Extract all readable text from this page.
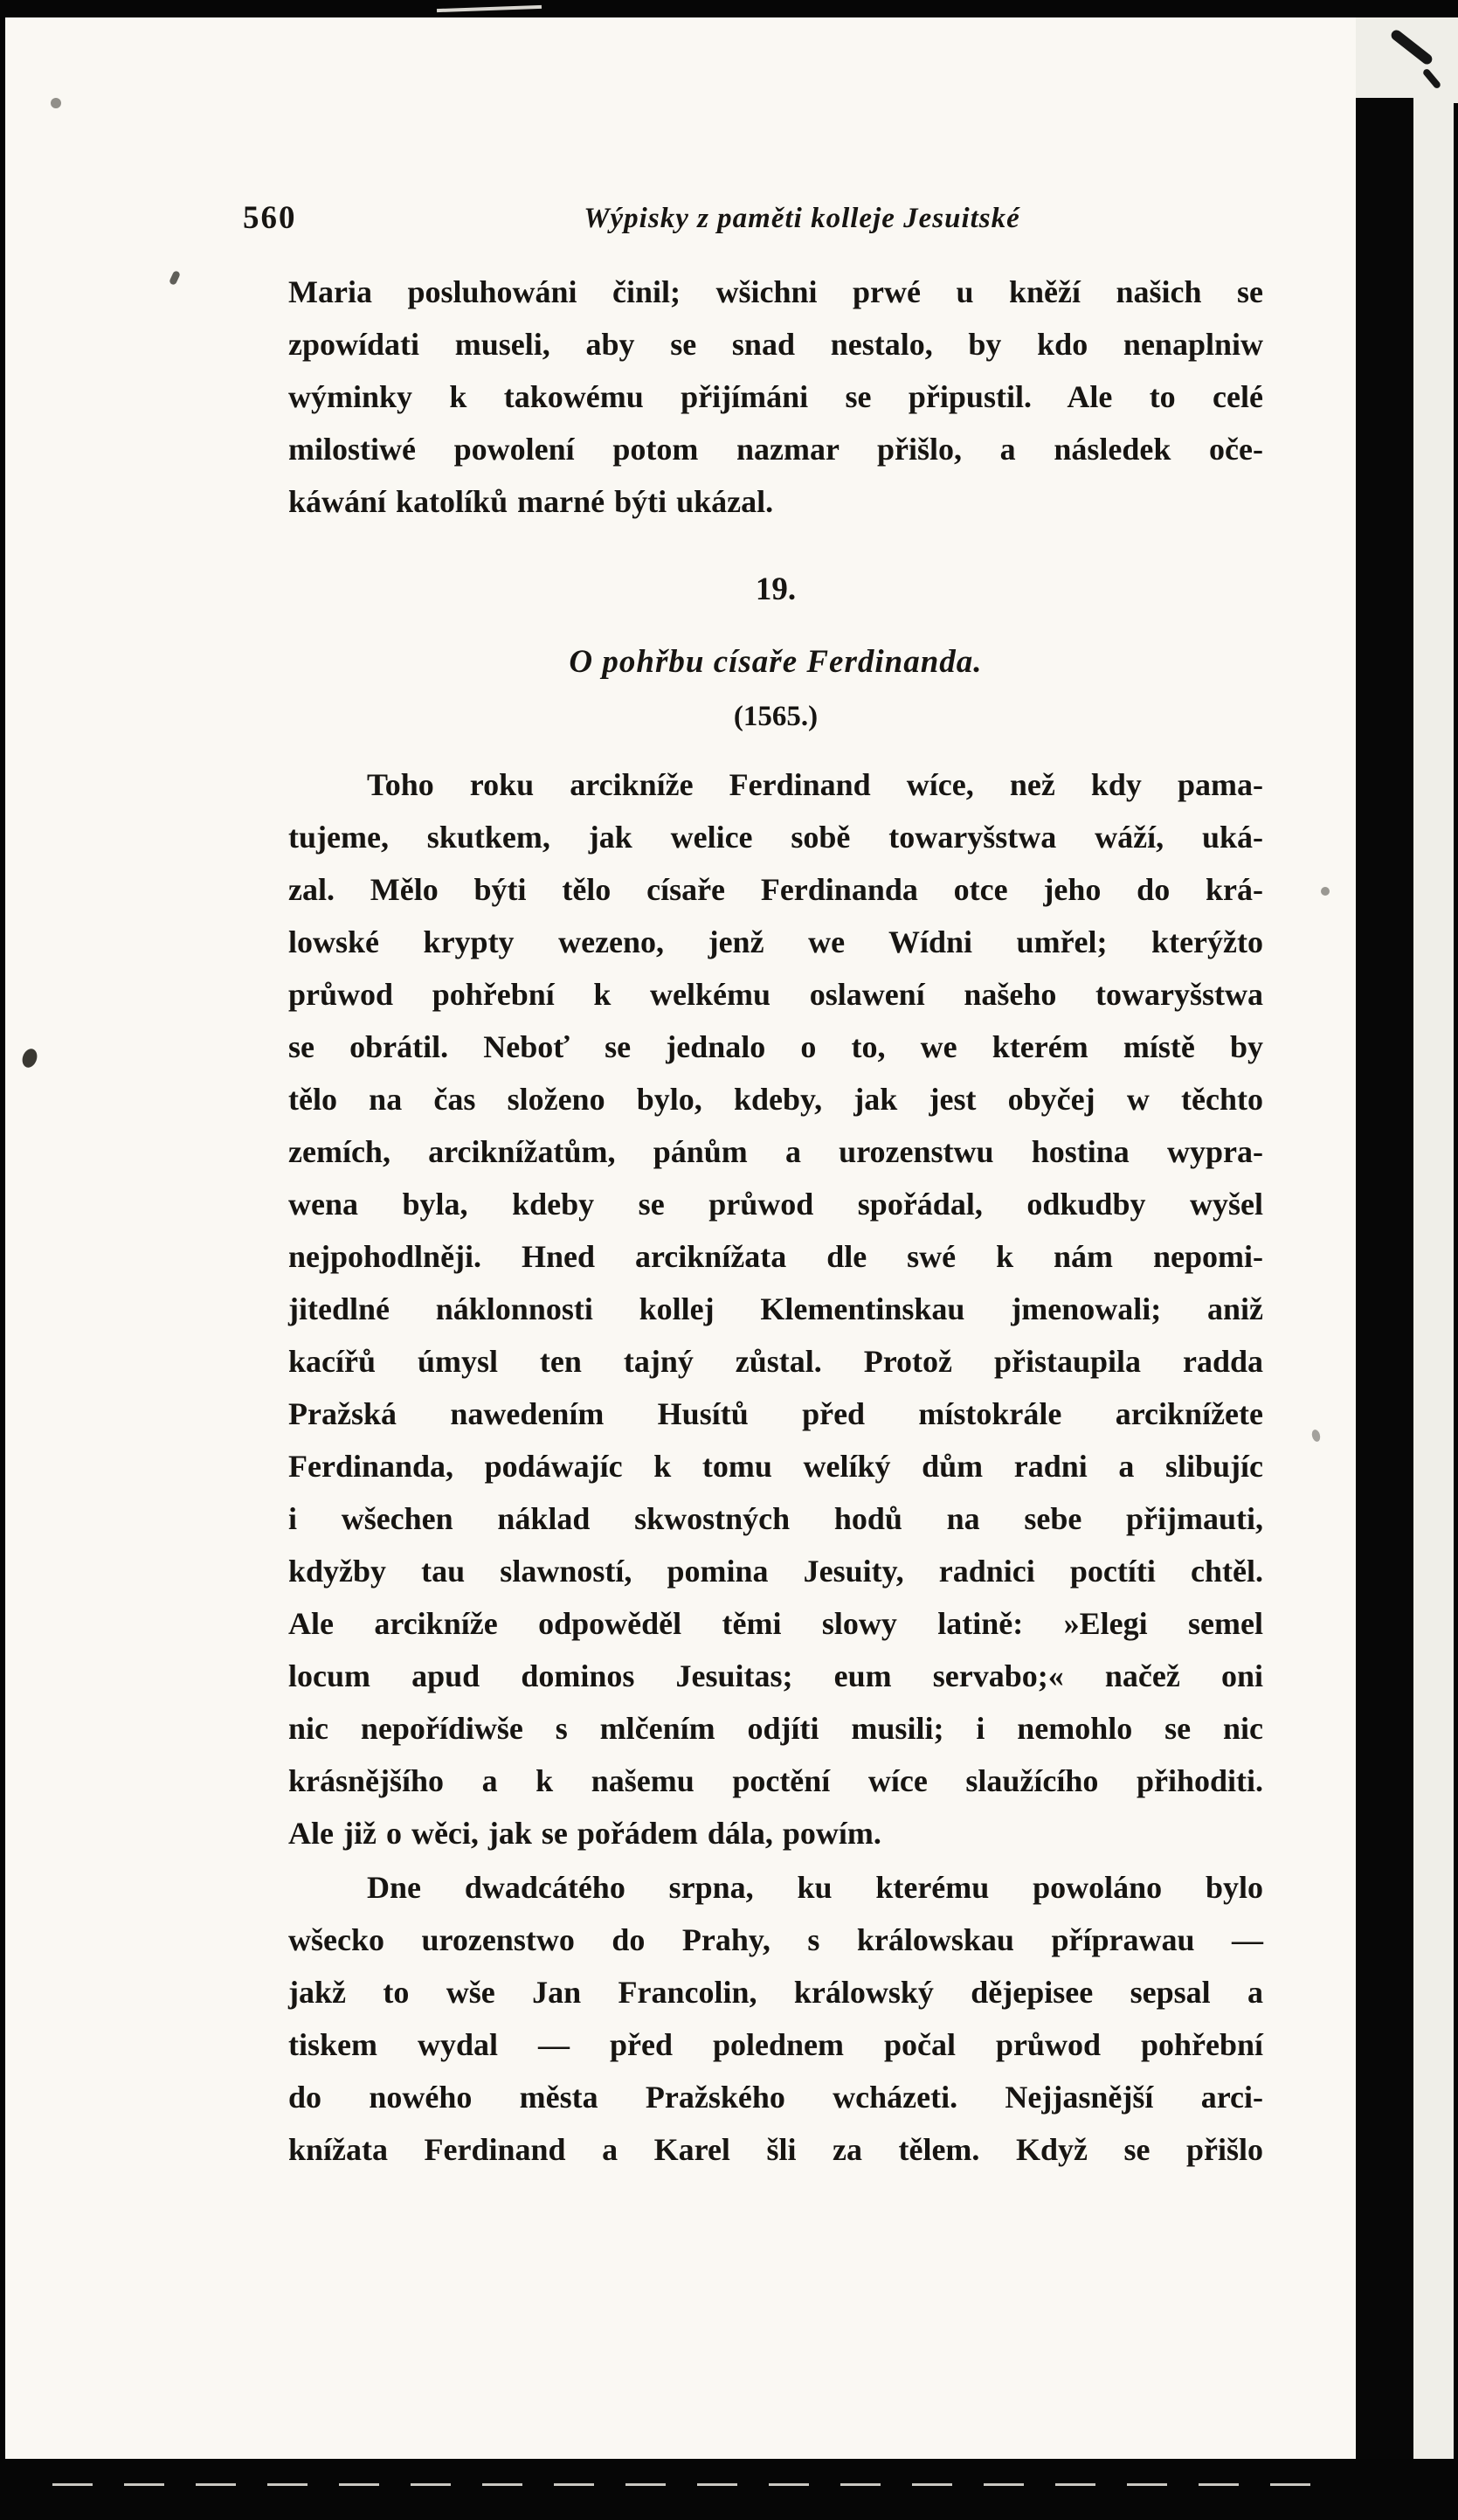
560	Wýpisky z paměti kolleje Jesuitské
Maria posluhowáni činil; wšichni prwé u kněží našich se
zpowídati museli, aby se snad nestalo, by kdo nenaplniw
wýminky k takowému přijímáni se připustil. Ale to celé
milostiwé powolení potom nazmar přišlo, a následek oče-
káwání katolíků marné býti ukázal.
19.
O pohřbu císaře Ferdinanda.
(1565.)
Toho roku arcikníže Ferdinand wíce, než kdy pama-
tujeme, skutkem, jak welice sobě towaryšstwa wáží, uká-
zal. Mělo býti tělo císaře Ferdinanda otce jeho do krá-
lowské krypty wezeno, jenž we Wídni umřel; kterýžto
průwod pohřební k welkému oslawení našeho towaryšstwa
se obrátil. Neboť se jednalo o to, we kterém místě by
tělo na čas složeno bylo, kdeby, jak jest obyčej w těchto
zemích, arciknížatům, pánům a urozenstwu hostina wypra-
wena byla, kdeby se průwod spořádal, odkudby wyšel
nejpohodlněji. Hned arciknížata dle swé k nám nepomi-
jitedlné náklonnosti kollej Klementinskau jmenowali; aniž
kacířů úmysl ten tajný zůstal. Protož přistaupila radda
Pražská nawedením Husítů před místokrále arciknížete
Ferdinanda, podáwajíc k tomu welíký dům radni a slibujíc
i wšechen náklad skwostných hodů na sebe přijmauti,
kdyžby tau slawností, pomina Jesuity, radnici poctíti chtěl.
Ale arcikníže odpowěděl těmi slowy latině: »Elegi semel
locum apud dominos Jesuitas; eum servabo;« načež oni
nic nepořídiwše s mlčením odjíti musili; i nemohlo se nic
krásnějšího a k našemu poctění wíce slaužícího přihoditi.
Ale již o wěci, jak se pořádem dála, powím.
Dne dwadcátého srpna, ku kterému powoláno bylo
wšecko urozenstwo do Prahy, s králowskau příprawau —
jakž to wše Jan Francolin, králowský dějepisee sepsal a
tiskem wydal — před polednem počal průwod pohřební
do nowého města Pražského wcházeti. Nejjasnější arci-
knížata Ferdinand a Karel šli za tělem. Když se přišlo
